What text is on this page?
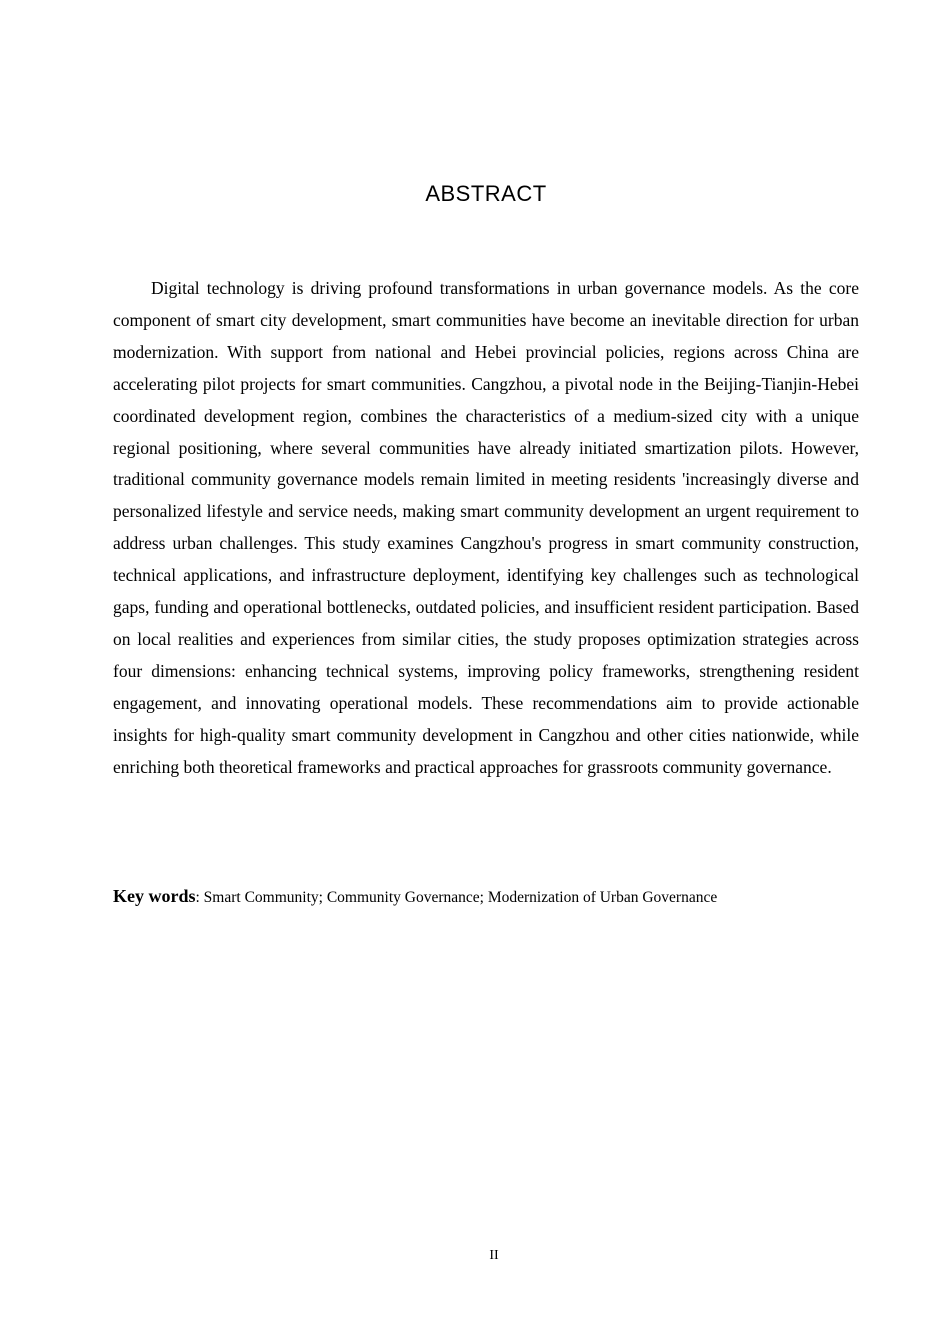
ABSTRACT

Digital technology is driving profound transformations in urban governance models. As the core component of smart city development, smart communities have become an inevitable direction for urban modernization. With support from national and Hebei provincial policies, regions across China are accelerating pilot projects for smart communities. Cangzhou, a pivotal node in the Beijing-Tianjin-Hebei coordinated development region, combines the characteristics of a medium-sized city with a unique regional positioning, where several communities have already initiated smartization pilots. However, traditional community governance models remain limited in meeting residents 'increasingly diverse and personalized lifestyle and service needs, making smart community development an urgent requirement to address urban challenges. This study examines Cangzhou's progress in smart community construction, technical applications, and infrastructure deployment, identifying key challenges such as technological gaps, funding and operational bottlenecks, outdated policies, and insufficient resident participation. Based on local realities and experiences from similar cities, the study proposes optimization strategies across four dimensions: enhancing technical systems, improving policy frameworks, strengthening resident engagement, and innovating operational models. These recommendations aim to provide actionable insights for high-quality smart community development in Cangzhou and other cities nationwide, while enriching both theoretical frameworks and practical approaches for grassroots community governance.

Key words: Smart Community; Community Governance; Modernization of Urban Governance

II
